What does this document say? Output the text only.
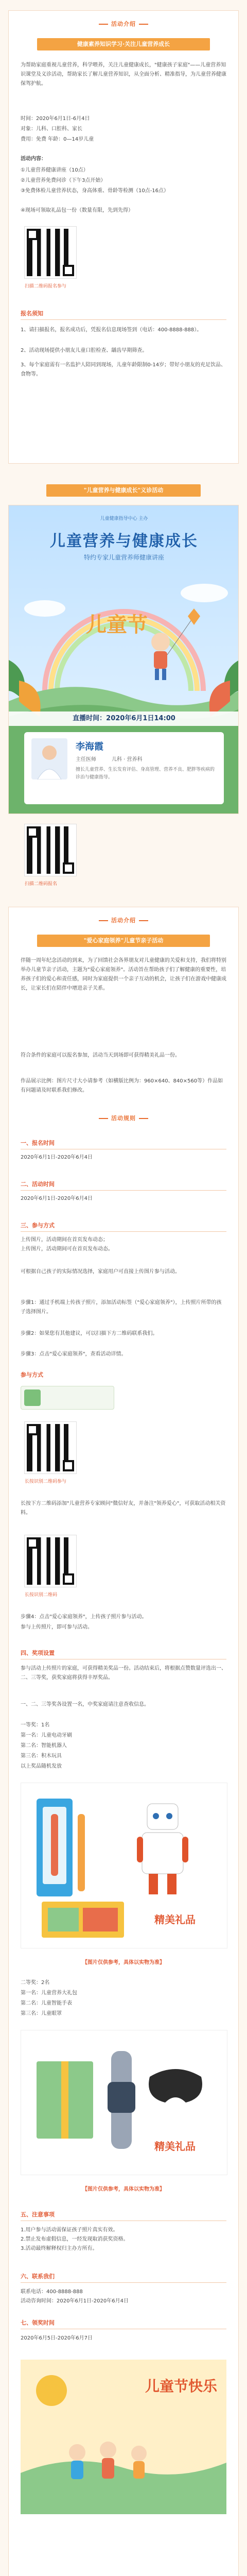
活动介绍
健康素养知识学习·关注儿童营养成长

为帮助家庭重视儿童营养，科学喂养，关注儿童健康成长，"健康孩子家庭"——儿童营养知识课堂及义诊活动，帮助家长了解儿童营养知识，从全面分析、精准指导，为儿童营养健康保驾护航。

时间：2020年6月1日-6月4日

对象：儿科、口腔科、家长

费用：免费 年龄：0—14岁儿童

活动内容：

①儿童营养健康讲座（10点）

②儿童营养免费问诊（下午3点开始）

③免费体检儿童营养状态，身高体重、骨龄等检测（10点-16点）

④现场可领取礼品包一份（数量有限，先到先得）

扫描二维码报名参与
报名须知

1、请扫描报名，报名成功后，凭报名信息现场签到（电话：400-8888-888）。

2、活动现场提供小朋友儿童口腔检查、龋齿早期筛查。

3、每个家庭需有一名监护人陪同到现场，儿童年龄限制0-14岁；带好小朋友的充足饮品、食物等。

"儿童营养与健康成长"义诊活动
儿童健康指导中心 主办
儿童营养与健康成长
特约专家儿童营养师健康讲座
儿童节
直播时间：2020年6月1日14:00
李海霞
主任医师	儿科 · 营养科
擅长儿童营养、生长发育评估、身高管理、营养不良、肥胖等疾病的诊治与健康指导。
扫描二维码报名
活动介绍
"爱心家庭领养"儿童节亲子活动

伴随一周年纪念活动的到来，为了回馈社会各界朋友对儿童健康的关爱和支持，我们将特别举办儿童节亲子活动，主题为"爱心家庭领养"。活动旨在帮助孩子们了解健康的重要性，培养孩子们的爱心和责任感，同时为家庭提供一个亲子互动的机会，让孩子们在游戏中健康成长，让家长们在陪伴中增进亲子关系。

符合条件的家庭可以报名参加，活动当天到场即可获得精美礼品一份。

作品展示比例：图片尺寸大小请参考（如横版比例为：960×640、840×560等）作品如有问题请及时联系我们修改。

活动规则
一、报名时间

2020年6月1日-2020年6月4日

二、活动时间

2020年6月1日-2020年6月4日

三、参与方式

上传图片，活动期间在首页发布动态；
上传图片，活动期间可在首页发布动态。

可根据自己孩子的实际情况选择，家庭用户可直接上传图片参与活动。

步骤1：通过手机端上传孩子照片，添加活动标签（"爱心家庭领养"），上传照片所带的孩子选择图片。

步骤2：如果您有其他建议，可以扫描下方二维码联系我们。

步骤3：点击"爱心家庭领养"，查看活动详情。

参与方式
长按识别二维码参与

长按下方二维码添加"儿童营养专家顾问"微信好友，并备注"领养爱心"，可获取活动相关资料。

长按识别二维码

步骤4：点击"爱心家庭领养"，上传孩子照片参与活动。

参与上传照片，即可参与活动。

四、奖项设置

参与活动上传照片的家庭，可获得精美奖品一份。活动结束后，将根据点赞数量评选出一、二、三等奖，获奖家庭将获得丰厚奖品。

一、二、三等奖各设置一名，中奖家庭请注意查收信息。

一等奖：1名

第一名：儿童电动牙刷

第二名：智能机器人

第三名：积木玩具

以上奖品随机发放

精美礼品
【图片仅供参考，具体以实物为准】

二等奖：2名

第一名：儿童营养大礼包

第二名：儿童智能手表

第三名：儿童眼罩

精美礼品
【图片仅供参考，具体以实物为准】
五、注意事项

1.用户参与活动需保证孩子照片真实有效。
2.禁止发布虚假信息，一经发现取消获奖资格。
3.活动最终解释权归主办方所有。

六、联系我们

联系电话：400-8888-888
活动咨询时间：2020年6月1日-2020年6月4日

七、领奖时间

2020年6月5日-2020年6月7日

儿童节快乐
